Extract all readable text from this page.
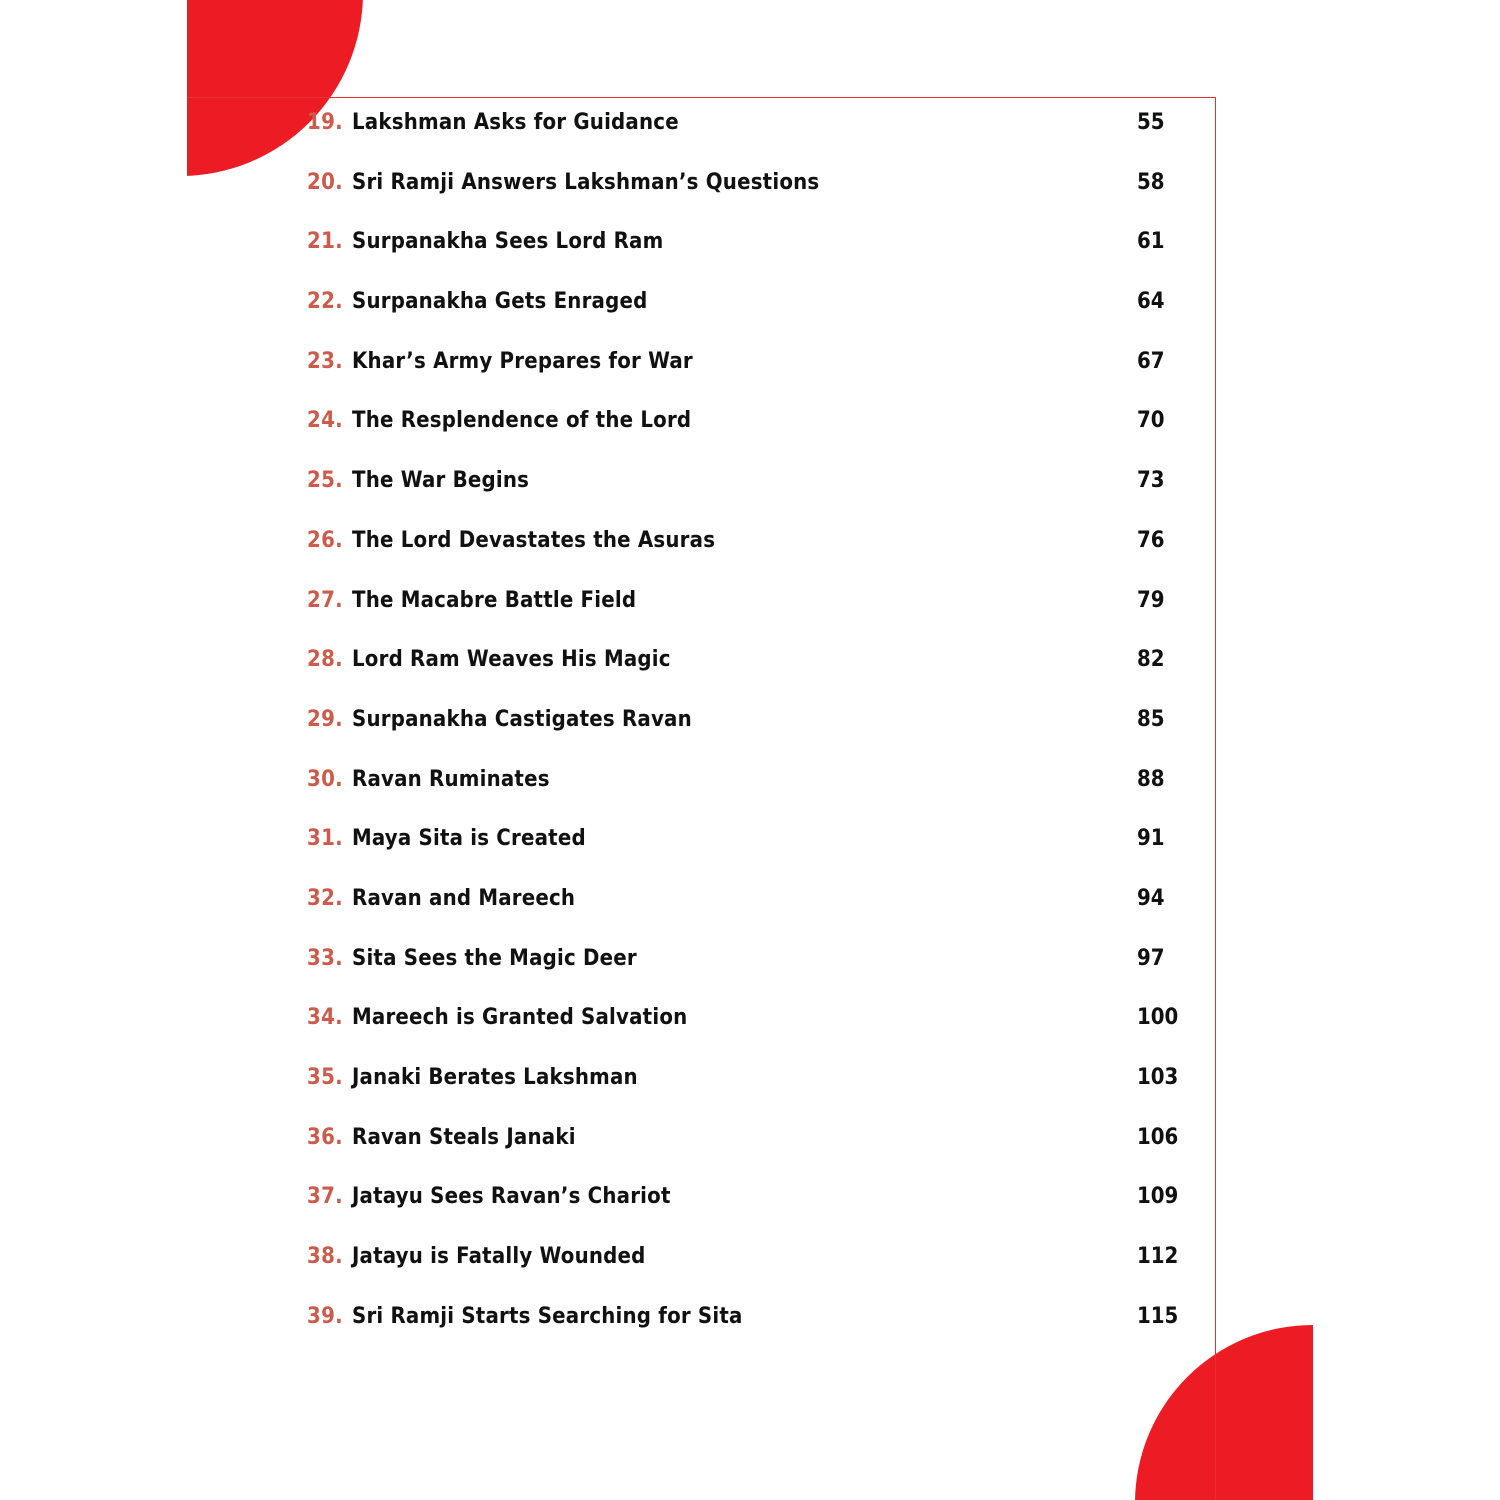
19. Lakshman Asks for Guidance	55
20. Sri Ramji Answers Lakshman’s Questions	58
21. Surpanakha Sees Lord Ram	61
22. Surpanakha Gets Enraged	64
23. Khar’s Army Prepares for War	67
24. The Resplendence of the Lord	70
25. The War Begins	73
26. The Lord Devastates the Asuras	76
27. The Macabre Battle Field	79
28. Lord Ram Weaves His Magic	82
29. Surpanakha Castigates Ravan	85
30. Ravan Ruminates	88
31. Maya Sita is Created	91
32. Ravan and Mareech	94
33. Sita Sees the Magic Deer	97
34. Mareech is Granted Salvation	100
35. Janaki Berates Lakshman	103
36. Ravan Steals Janaki	106
37. Jatayu Sees Ravan’s Chariot	109
38. Jatayu is Fatally Wounded	112
39. Sri Ramji Starts Searching for Sita	115
